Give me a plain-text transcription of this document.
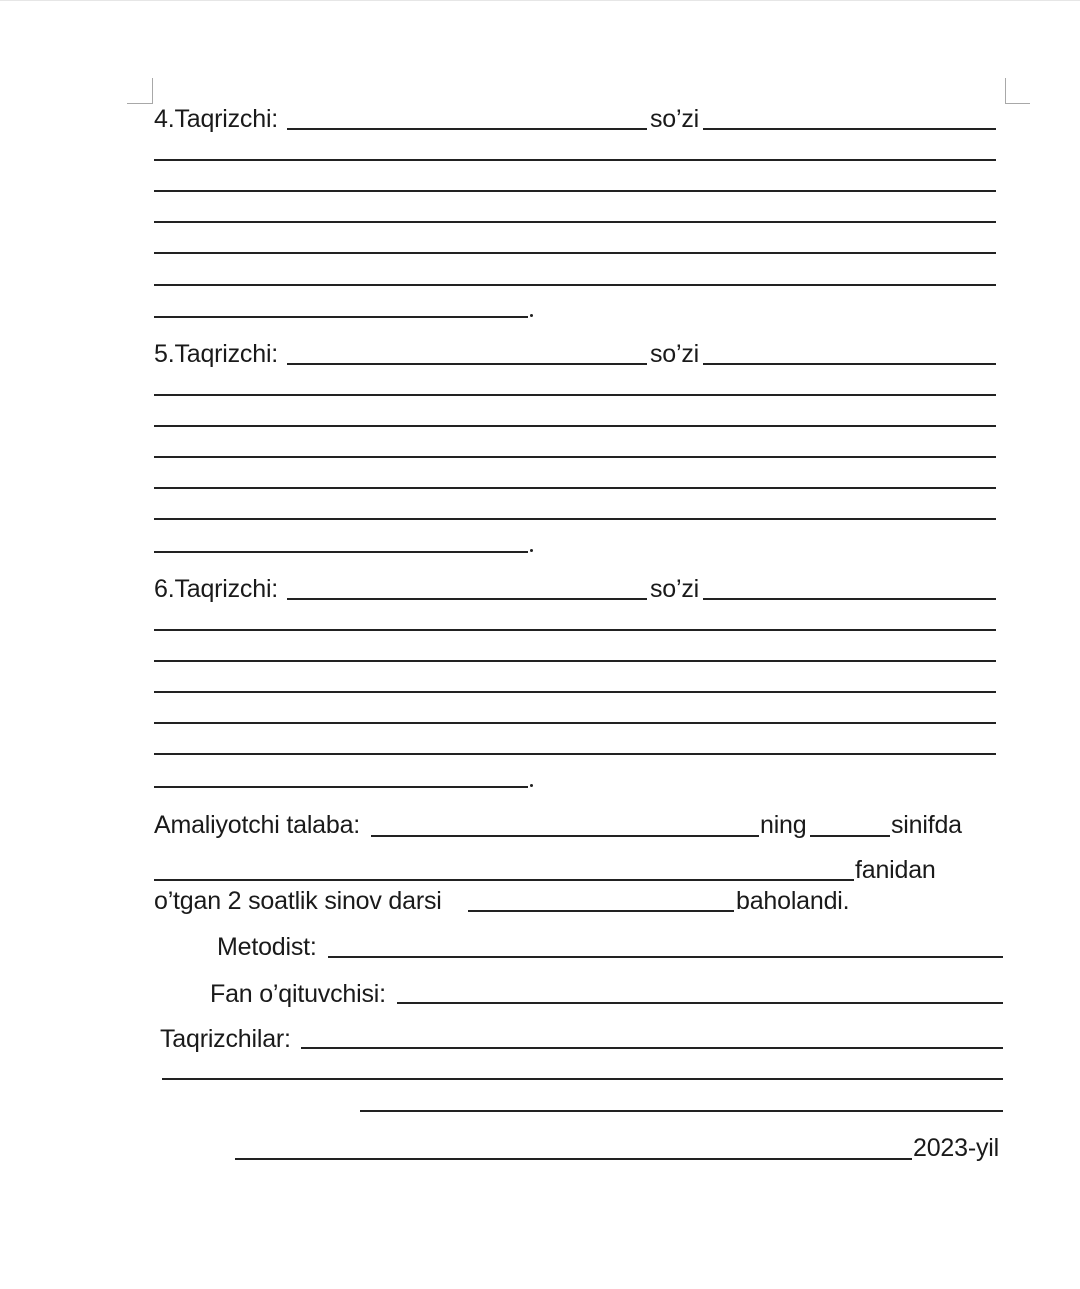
4.Taqrizchi:	so’zi
5.Taqrizchi:	so’zi
6.Taqrizchi:	so’zi
Amaliyotchi talaba:	ning	sinifda
fanidan
o’tgan 2 soatlik sinov darsi	baholandi.
Metodist:
Fan o’qituvchisi:
Taqrizchilar:
2023-yil
